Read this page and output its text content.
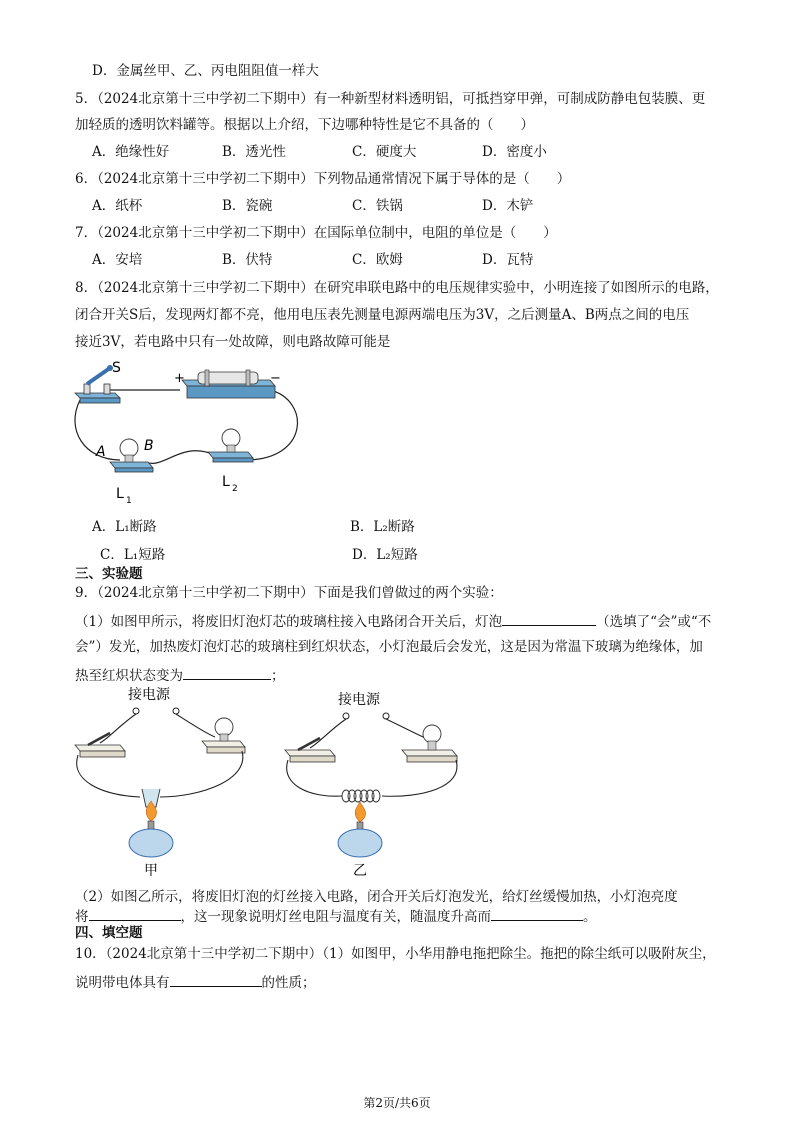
D．金属丝甲、乙、丙电阻阻值一样大
5．（2024北京第十三中学初二下期中）有一种新型材料透明铝，可抵挡穿甲弹，可制成防静电包装膜、更
加轻质的透明饮料罐等。根据以上介绍，下边哪种特性是它不具备的（　　）
A．绝缘性好	B．透光性	C．硬度大	D．密度小
6．（2024北京第十三中学初二下期中）下列物品通常情况下属于导体的是（　　）
A．纸杯	B．瓷碗	C．铁锅	D．木铲
7．（2024北京第十三中学初二下期中）在国际单位制中，电阻的单位是（　　）
A．安培	B．伏特	C．欧姆	D．瓦特
8．（2024北京第十三中学初二下期中）在研究串联电路中的电压规律实验中，小明连接了如图所示的电路，
闭合开关S后，发现两灯都不亮，他用电压表先测量电源两端电压为3V，之后测量A、B两点之间的电压
接近3V，若电路中只有一处故障，则电路故障可能是
S
+	−
A	B
L 1
L 2
A．L₁断路	B．L₂断路
C．L₁短路	D．L₂短路
三、实验题
9．（2024北京第十三中学初二下期中）下面是我们曾做过的两个实验：
（1）如图甲所示，将废旧灯泡灯芯的玻璃柱接入电路闭合开关后，灯泡	（选填了“会”或“不
会”）发光，加热废灯泡灯芯的玻璃柱到红炽状态，小灯泡最后会发光，这是因为常温下玻璃为绝缘体，加
热至红炽状态变为	；
接电源
甲
接电源
乙
（2）如图乙所示，将废旧灯泡的灯丝接入电路，闭合开关后灯泡发光，给灯丝缓慢加热，小灯泡亮度
将	，这一现象说明灯丝电阻与温度有关，随温度升高而	。
四、填空题
10．（2024北京第十三中学初二下期中）（1）如图甲，小华用静电拖把除尘。拖把的除尘纸可以吸附灰尘，
说明带电体具有	的性质；
第2页/共6页
